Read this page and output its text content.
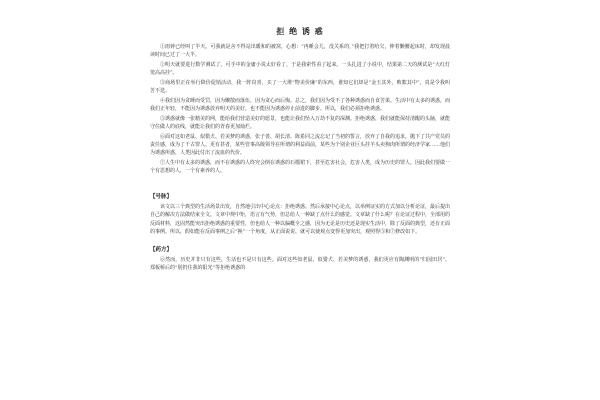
拒 绝 诱 惑

①雨钟已经叫了半天。可我就是舍不得站出暖和的被窝，心想：“再睡会儿，没关系的，”我把打着哈欠，伸着懒腰起床时，却发现晨读时间已过了一大半。

②明天就要进行数学测试了。可手中的金庸小说太好看了，于是我索性看了起来。一头扎进了小说中，结果第二天的测试是“大红灯笼高高挂”。

③商场里正在举行降价促销活动，我一阵窃喜，买了一大堆“物美价廉”的东西，谁知它们却是“金玉其外，败絮其中”，真是令我叫苦不迭。

④我们因为贪睡而受罚，因为懒散而落伍，因为贪心而后悔。总之，我们因为受不了各种诱惑而自食苦果。生活中有太多的诱惑，而我们正年轻，不能因为诱惑放弃明天的美好，也不能因为诱惑停止前进的脚步。所以，我们必须拒绝诱惑。

⑤诱惑就像一张精美的网，能给我们营造美好的愿景，也能让我们坠入万劫不复的深渊。拒绝诱惑，我们就能保持清醒的头脑，就能守住做人的底线，就能让我们的青春更加灿烂。

⑥面对这如老鼠、似猎犬、若美梦的诱惑，张子善、胡长清、陈希同之流忘记了当初的誓言，放弃了自我的追求，抛下了共产党员的责任感，成为了千古罪人。更有甚者，某些管事高级领导在所谓的利益面前，某些为个别企业巨头挂羊头卖狗肉所谓的经济学家……他们为诱惑所惑，人类因此付出了流血的代价。

⑦人生中有太多的诱惑，而不在诱惑的人终究会倒在诱惑的石榴裙下，甚至危害社会，危害人类，成为历史的罪人。因此我们要做一个有思想的人，一个有素养的人。

【号脉】

该文以三个典型的生活场景出发，自然地引出中心论点：拒绝诱惑。然后承接中心论点，以举例证实的方式加以分析论证，最后提出自己的解决方法做结束全文。文章中规中矩，语言有气势，但总给人一种缺了点什么的感觉。文章缺了什么呢？在论证过程中，全部用的反面材料，这固然能突出拒绝诱惑的重要性，但也给人一种以偏概全之感，因为无论是历史还是现实生活中，除了反面的典型，还有正面的事例。所以，假如能在反面事例之后“换”一个角度，从正面说说，就可以使观点变得更加突出，观照得③和⑦修改如下。

【药方】

⑥然而，历史并非只有这些，生活也不是只有这些。面对这些如老鼠、似猎犬、若美梦的诱惑，我们更应有陶渊明的“归园田居”、郑板桥后的“别扔住我的阳光”等拒绝诱惑的
